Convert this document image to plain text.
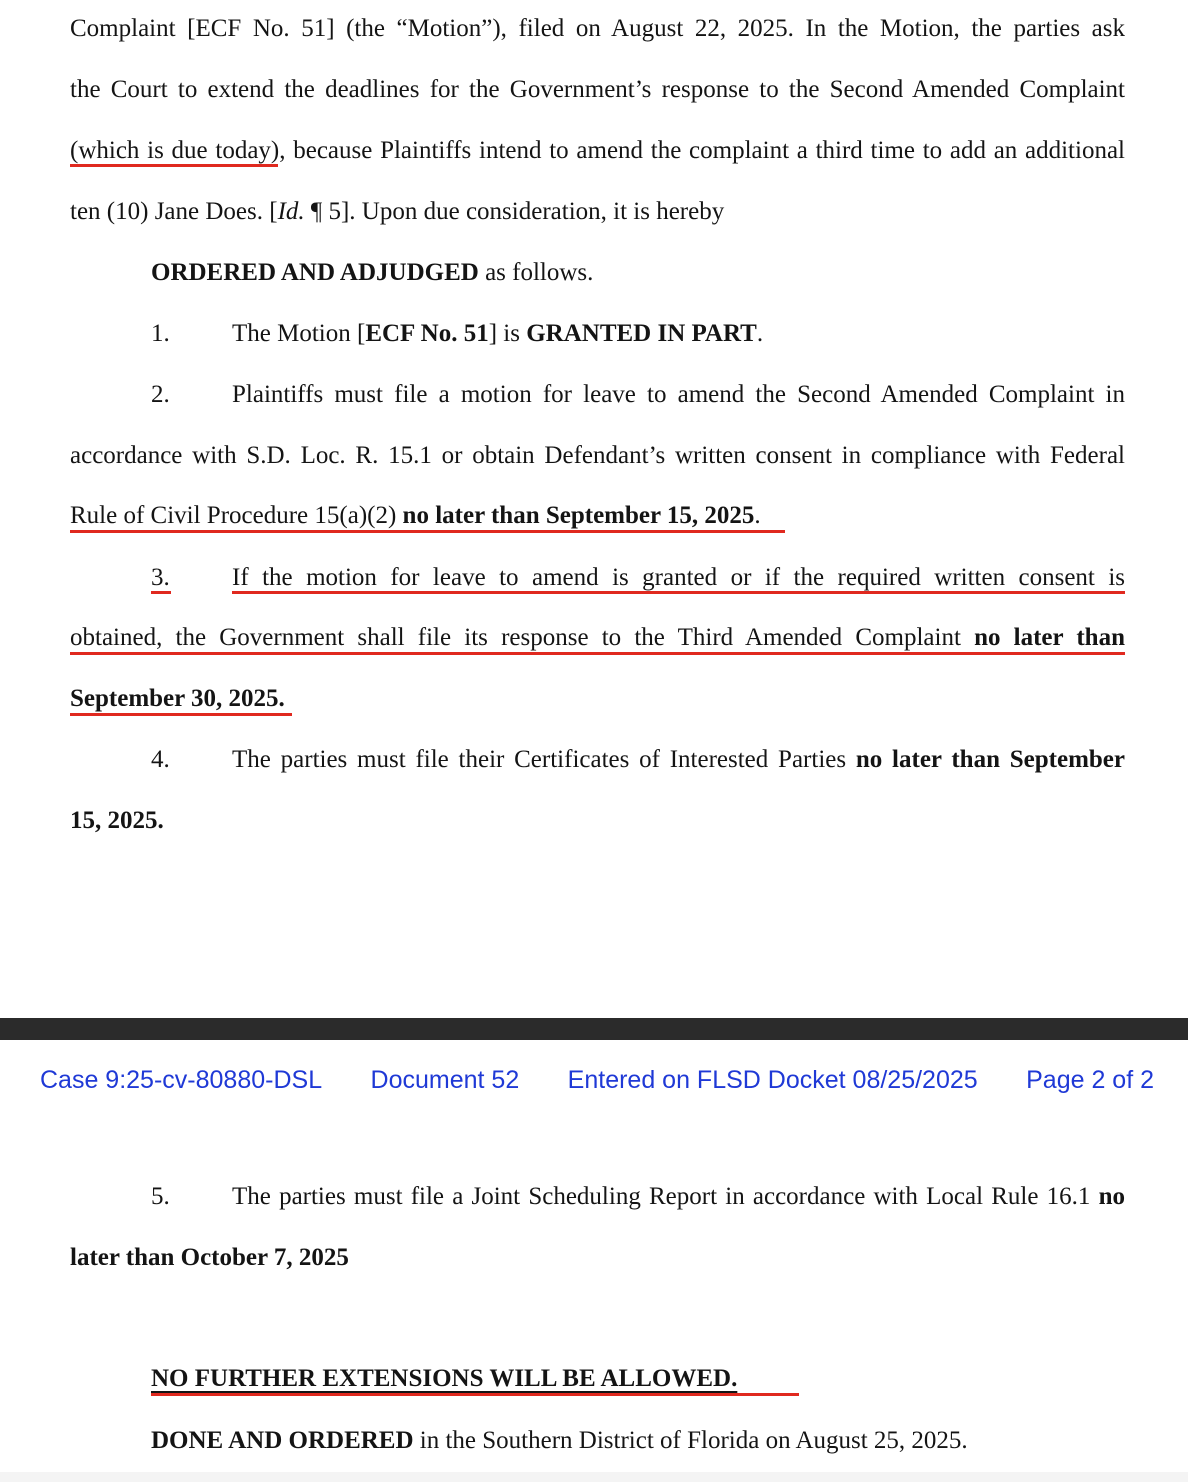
Complaint [ECF No. 51] (the “Motion”), filed on August 22, 2025. In the Motion, the parties ask
the Court to extend the deadlines for the Government’s response to the Second Amended Complaint
(which is due today), because Plaintiffs intend to amend the complaint a third time to add an additional
ten (10) Jane Does. [Id. ¶ 5]. Upon due consideration, it is hereby
ORDERED AND ADJUDGED as follows.
1. The Motion [ECF No. 51] is GRANTED IN PART.
2. Plaintiffs must file a motion for leave to amend the Second Amended Complaint in
accordance with S.D. Loc. R. 15.1 or obtain Defendant’s written consent in compliance with Federal
Rule of Civil Procedure 15(a)(2) no later than September 15, 2025.
3. If the motion for leave to amend is granted or if the required written consent is
obtained, the Government shall file its response to the Third Amended Complaint no later than
September 30, 2025.
4. The parties must file their Certificates of Interested Parties no later than September
15, 2025.
Case 9:25-cv-80880-DSL Document 52 Entered on FLSD Docket 08/25/2025 Page 2 of 2
5. The parties must file a Joint Scheduling Report in accordance with Local Rule 16.1 no
later than October 7, 2025
NO FURTHER EXTENSIONS WILL BE ALLOWED.
DONE AND ORDERED in the Southern District of Florida on August 25, 2025.
